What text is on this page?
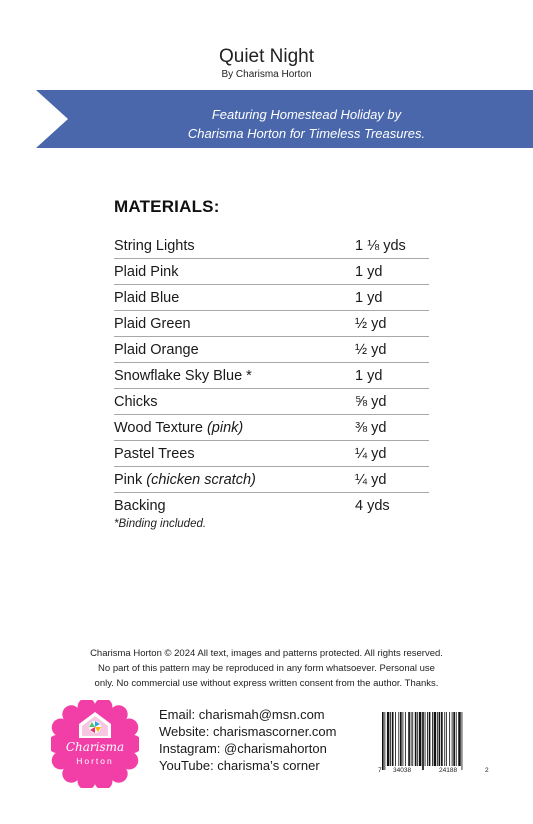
Quiet Night
By Charisma Horton
Featuring Homestead Holiday by
Charisma Horton for Timeless Treasures.
MATERIALS:
String Lights	1 ⅛ yds
Plaid Pink	1 yd
Plaid Blue	1 yd
Plaid Green	½ yd
Plaid Orange	½ yd
Snowflake Sky Blue *	1 yd
Chicks	⅝ yd
Wood Texture (pink)	⅜ yd
Pastel Trees	¼ yd
Pink (chicken scratch)	¼ yd
Backing	4 yds
*Binding included.
Charisma Horton © 2024 All text, images and patterns protected. All rights reserved.
No part of this pattern may be reproduced in any form whatsoever. Personal use
only. No commercial use without express written consent from the author. Thanks.
Charisma
Horton
Email: charismah@msn.com
Website: charismascorner.com
Instagram: @charismahorton
YouTube: charisma’s corner	7 34038	24188	2
